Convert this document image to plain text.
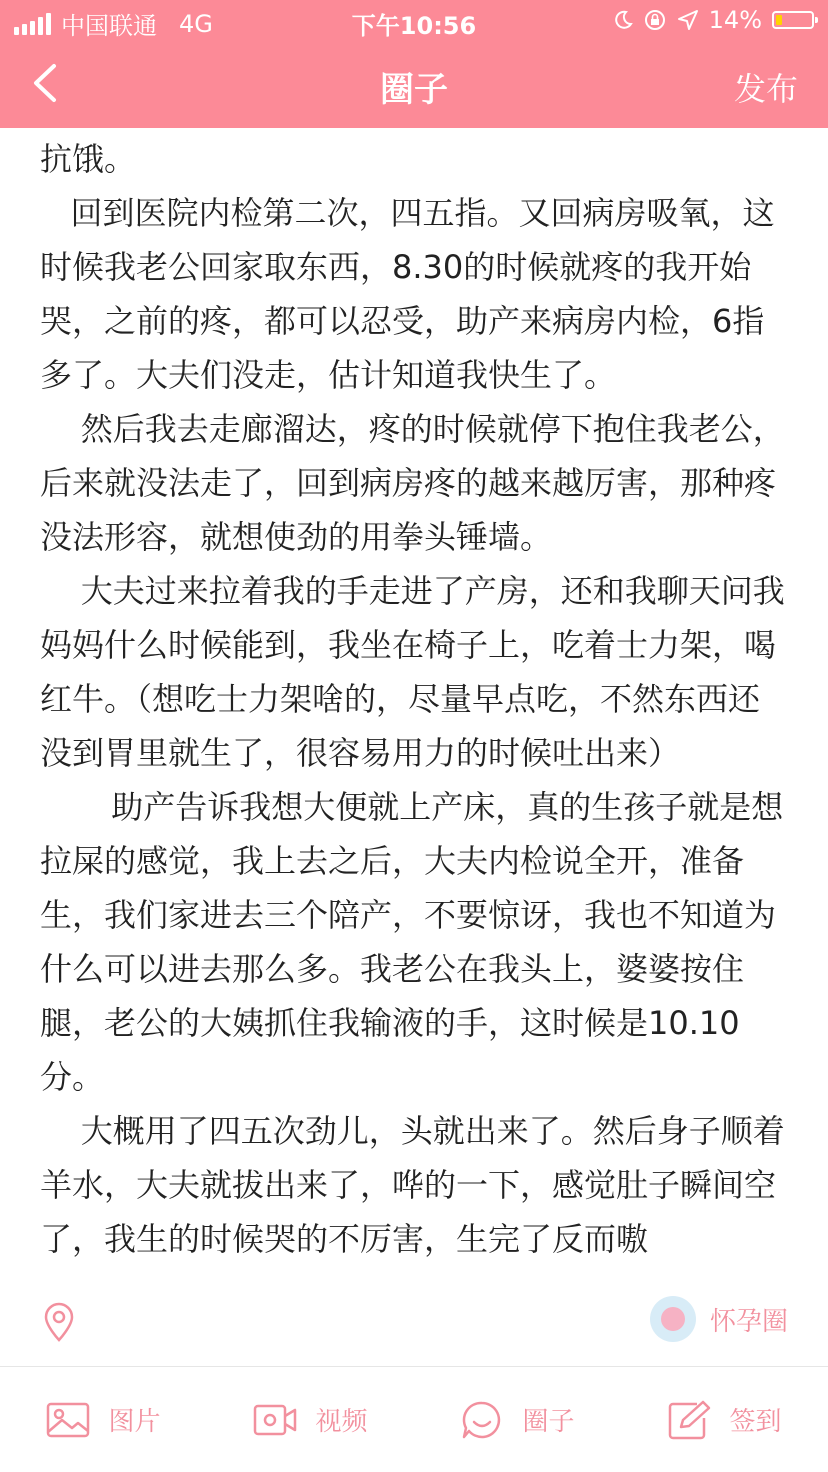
中国联通 4G	下午10:56	14%
圈子	发布

抗饿。

回到医院内检第二次，四五指。又回病房吸氧，这时候我老公回家取东西，8.30的时候就疼的我开始哭，之前的疼，都可以忍受，助产来病房内检，6指多了。大夫们没走，估计知道我快生了。

然后我去走廊溜达，疼的时候就停下抱住我老公，后来就没法走了，回到病房疼的越来越厉害，那种疼没法形容，就想使劲的用拳头锤墙。

大夫过来拉着我的手走进了产房，还和我聊天问我妈妈什么时候能到，我坐在椅子上，吃着士力架，喝红牛。（想吃士力架啥的，尽量早点吃，不然东西还没到胃里就生了，很容易用力的时候吐出来）

助产告诉我想大便就上产床，真的生孩子就是想拉屎的感觉，我上去之后，大夫内检说全开，准备生，我们家进去三个陪产，不要惊讶，我也不知道为什么可以进去那么多。我老公在我头上，婆婆按住腿，老公的大姨抓住我输液的手，这时候是10.10分。

大概用了四五次劲儿，头就出来了。然后身子顺着羊水，大夫就拔出来了，哗的一下，感觉肚子瞬间空了，我生的时候哭的不厉害，生完了反而嗷

怀孕圈
图片	视频	圈子	签到
